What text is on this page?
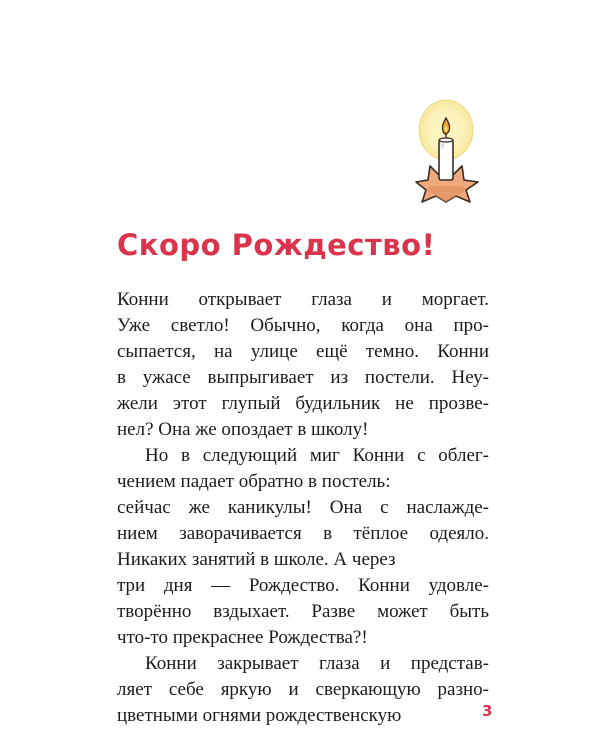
Скоро Рождество!
Конни открывает глаза и моргает.
Уже светло! Обычно, когда она про-
сыпается, на улице ещё темно. Конни
в ужасе выпрыгивает из постели. Неу-
жели этот глупый будильник не прозве-
нел? Она же опоздает в школу!
Но в следующий миг Конни с облег-
чением падает обратно в постель:
сейчас же каникулы! Она с наслажде-
нием заворачивается в тёплое одеяло.
Никаких занятий в школе. А через
три дня — Рождество. Конни удовле-
творённо вздыхает. Разве может быть
что-то прекраснее Рождества?!
Конни закрывает глаза и представ-
ляет себе яркую и сверкающую разно-
цветными огнями рождественскую	3
